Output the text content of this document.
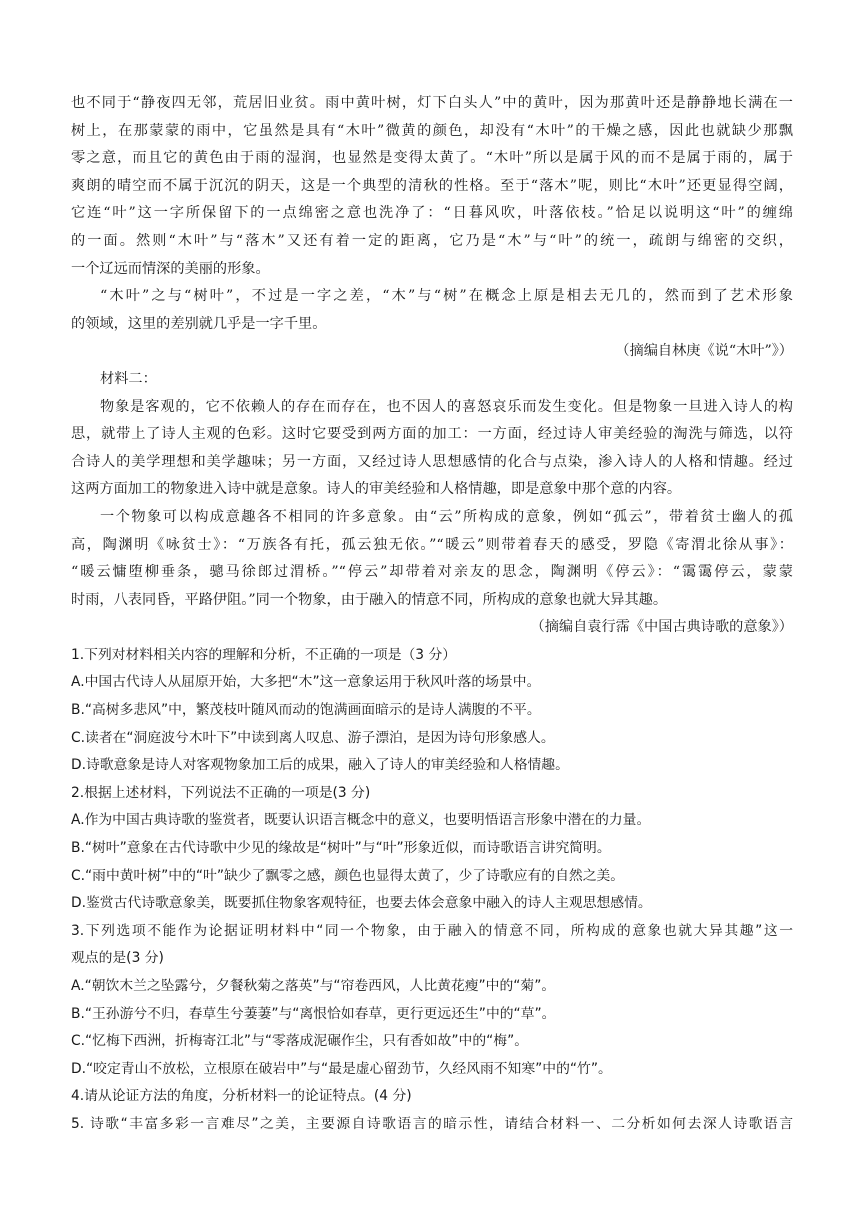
也不同于“静夜四无邻，荒居旧业贫。雨中黄叶树，灯下白头人”中的黄叶，因为那黄叶还是静静地长满在一
树上，在那蒙蒙的雨中，它虽然是具有“木叶”微黄的颜色，却没有“木叶”的干燥之感，因此也就缺少那飘
零之意，而且它的黄色由于雨的湿润，也显然是变得太黄了。“木叶”所以是属于风的而不是属于雨的，属于
爽朗的晴空而不属于沉沉的阴天，这是一个典型的清秋的性格。至于“落木”呢，则比“木叶”还更显得空阔，
它连“叶”这一字所保留下的一点绵密之意也洗净了：“日暮风吹，叶落依枝。”恰足以说明这“叶”的缠绵
的一面。然则“木叶”与“落木”又还有着一定的距离，它乃是“木”与“叶”的统一，疏朗与绵密的交织，
一个辽远而情深的美丽的形象。
“木叶”之与“树叶”，不过是一字之差，“木”与“树”在概念上原是相去无几的，然而到了艺术形象
的领域，这里的差别就几乎是一字千里。
（摘编自林庚《说“木叶”》）
材料二：
物象是客观的，它不依赖人的存在而存在，也不因人的喜怒哀乐而发生变化。但是物象一旦进入诗人的构
思，就带上了诗人主观的色彩。这时它要受到两方面的加工：一方面，经过诗人审美经验的淘洗与筛选，以符
合诗人的美学理想和美学趣味；另一方面，又经过诗人思想感情的化合与点染，渗入诗人的人格和情趣。经过
这两方面加工的物象进入诗中就是意象。诗人的审美经验和人格情趣，即是意象中那个意的内容。
一个物象可以构成意趣各不相同的许多意象。由“云”所构成的意象，例如“孤云”，带着贫士幽人的孤
高，陶渊明《咏贫士》：“万族各有托，孤云独无依。”“暖云”则带着春天的感受，罗隐《寄渭北徐从事》：
“暖云慵堕柳垂条，骢马徐郎过渭桥。”“停云”却带着对亲友的思念，陶渊明《停云》：“霭霭停云，蒙蒙
时雨，八表同昏，平路伊阻。”同一个物象，由于融入的情意不同，所构成的意象也就大异其趣。
（摘编自袁行霈《中国古典诗歌的意象》）
1.下列对材料相关内容的理解和分析，不正确的一项是（3 分）
A.中国古代诗人从屈原开始，大多把“木”这一意象运用于秋风叶落的场景中。
B.“高树多悲风”中，繁茂枝叶随风而动的饱满画面暗示的是诗人满腹的不平。
C.读者在“洞庭波兮木叶下”中读到离人叹息、游子漂泊，是因为诗句形象感人。
D.诗歌意象是诗人对客观物象加工后的成果，融入了诗人的审美经验和人格情趣。
2.根据上述材料，下列说法不正确的一项是(3 分)
A.作为中国古典诗歌的鉴赏者，既要认识语言概念中的意义，也要明悟语言形象中潜在的力量。
B.“树叶”意象在古代诗歌中少见的缘故是“树叶”与“叶”形象近似，而诗歌语言讲究简明。
C.“雨中黄叶树”中的“叶”缺少了飘零之感，颜色也显得太黄了，少了诗歌应有的自然之美。
D.鉴赏古代诗歌意象美，既要抓住物象客观特征，也要去体会意象中融入的诗人主观思想感情。
3.下列选项不能作为论据证明材料中“同一个物象，由于融入的情意不同，所构成的意象也就大异其趣”这一
观点的是(3 分)
A.“朝饮木兰之坠露兮，夕餐秋菊之落英”与“帘卷西风，人比黄花瘦”中的“菊”。
B.“王孙游兮不归，春草生兮萋萋”与“离恨恰如春草，更行更远还生”中的“草”。
C.“忆梅下西洲，折梅寄江北”与“零落成泥碾作尘，只有香如故”中的“梅”。
D.“咬定青山不放松，立根原在破岩中”与“最是虚心留劲节，久经风雨不知寒”中的“竹”。
4.请从论证方法的角度，分析材料一的论证特点。(4 分)
5. 诗歌“丰富多彩一言难尽”之美，主要源自诗歌语言的暗示性，请结合材料一、二分析如何去深人诗歌语言
